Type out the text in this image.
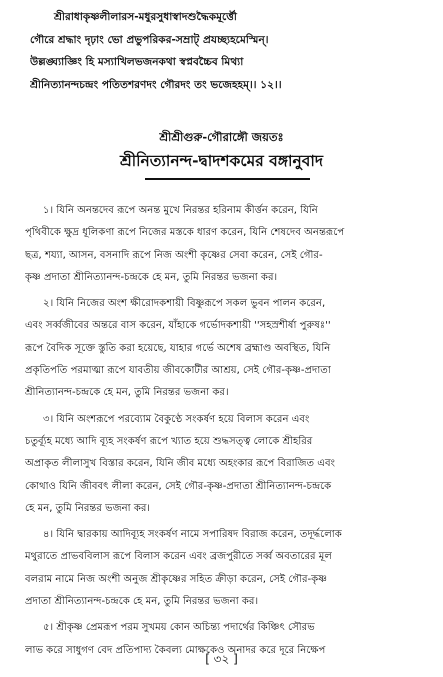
শ্রীরাধাকৃষ্ণলীলারস-মধুরসুধাস্বাদশুদ্ধৈকমূর্ত্তৌ
গৌরে শ্রদ্ধাং দৃঢ়াং ভো প্রভুপরিকর-সম্রাট্ প্রযচ্ছ্যহমেস্মিন্।
উল্লঙ্ঘ্যাজ্ঞিং হি মস্যাখিলভজনকথা স্বপ্নবচ্চৈব মিথ্যা
শ্রীনিত্যানন্দচন্দ্রং পতিতশরণদং গৌরদং তং ভজেহহম্।। ১২।।
শ্রীশ্রীগুরু-গৌরাঙ্গৌ জয়তঃ
শ্রীনিত্যানন্দ-দ্বাদশকমের বঙ্গানুবাদ
১। যিনি অনন্তদেব রূপে অনন্ত মুখে নিরন্তর হরিনাম কীর্ত্তন করেন, যিনি
পৃথিবীকে ক্ষুদ্র ধূলিকণা রূপে নিজের মস্তকে ধারণ করেন, যিনি শেষদেব অনন্তরূপে
ছত্র, শয্যা, আসন, বসনাদি রূপে নিজ অংশী কৃষ্ণের সেবা করেন, সেই গৌর-
কৃষ্ণ প্রদাতা শ্রীনিত্যানন্দ-চন্দ্রকে হে মন, তুমি নিরন্তর ভজনা কর।
২। যিনি নিজের অংশ ক্ষীরোদকশায়ী বিষ্ণুরূপে সকল ভুবন পালন করেন,
এবং সর্ব্বজীবের অন্তরে বাস করেন, যাঁহাকে গর্ভোদকশায়ী ''সহস্রশীর্ষা পুরুষঃ''
রূপে বৈদিক সূক্তে স্তুতি করা হয়েছে, যাহার গর্ভে অশেষ ব্রহ্মাণ্ড অবস্থিত, যিনি
প্রকৃতিপতি পরমাত্মা রূপে যাবতীয় জীবকোটীর আশ্রয়, সেই গৌর-কৃষ্ণ-প্রদাতা
শ্রীনিত্যানন্দ-চন্দ্রকে হে মন, তুমি নিরন্তর ভজনা কর।
৩। যিনি অংশরূপে পরব্যোম বৈকুণ্ঠে সংকর্ষণ হয়ে বিলাস করেন এবং
চতুর্ব্যূহ মধ্যে আদি ব্যূহ সংকর্ষণ রূপে খ্যাত হয়ে শুদ্ধসত্ত্ব লোকে শ্রীহরির
অপ্রাকৃত লীলাসুখ বিস্তার করেন, যিনি জীব মধ্যে অহংকার রূপে বিরাজিত এবং
কোথাও যিনি জীববৎ লীলা করেন, সেই গৌর-কৃষ্ণ-প্রদাতা শ্রীনিত্যানন্দ-চন্দ্রকে
হে মন, তুমি নিরন্তর ভজনা কর।
৪। যিনি দ্বারকায় আদিব্যূহ সংকর্ষণ নামে সপারিষদ বিরাজ করেন, তদূর্দ্ধলোক
মথুরাতে প্রাভববিলাস রূপে বিলাস করেন এবং ব্রজপুরীতে সর্ব্ব অবতারের মূল
বলরাম নামে নিজ অংশী অনুজ শ্রীকৃষ্ণের সহিত ক্রীড়া করেন, সেই গৌর-কৃষ্ণ
প্রদাতা শ্রীনিত্যানন্দ-চন্দ্রকে হে মন, তুমি নিরন্তর ভজনা কর।
৫। শ্রীকৃষ্ণ প্রেমরূপ পরম সুখময় কোন অচিন্ত্য পদার্থের কিঞ্চিৎ সৌরভ
লাভ করে সাধুগণ বেদ প্রতিপাদ্য কৈবল্য মোক্ষকেও অনাদর করে দূরে নিক্ষেপ
[ ৩২ ]
